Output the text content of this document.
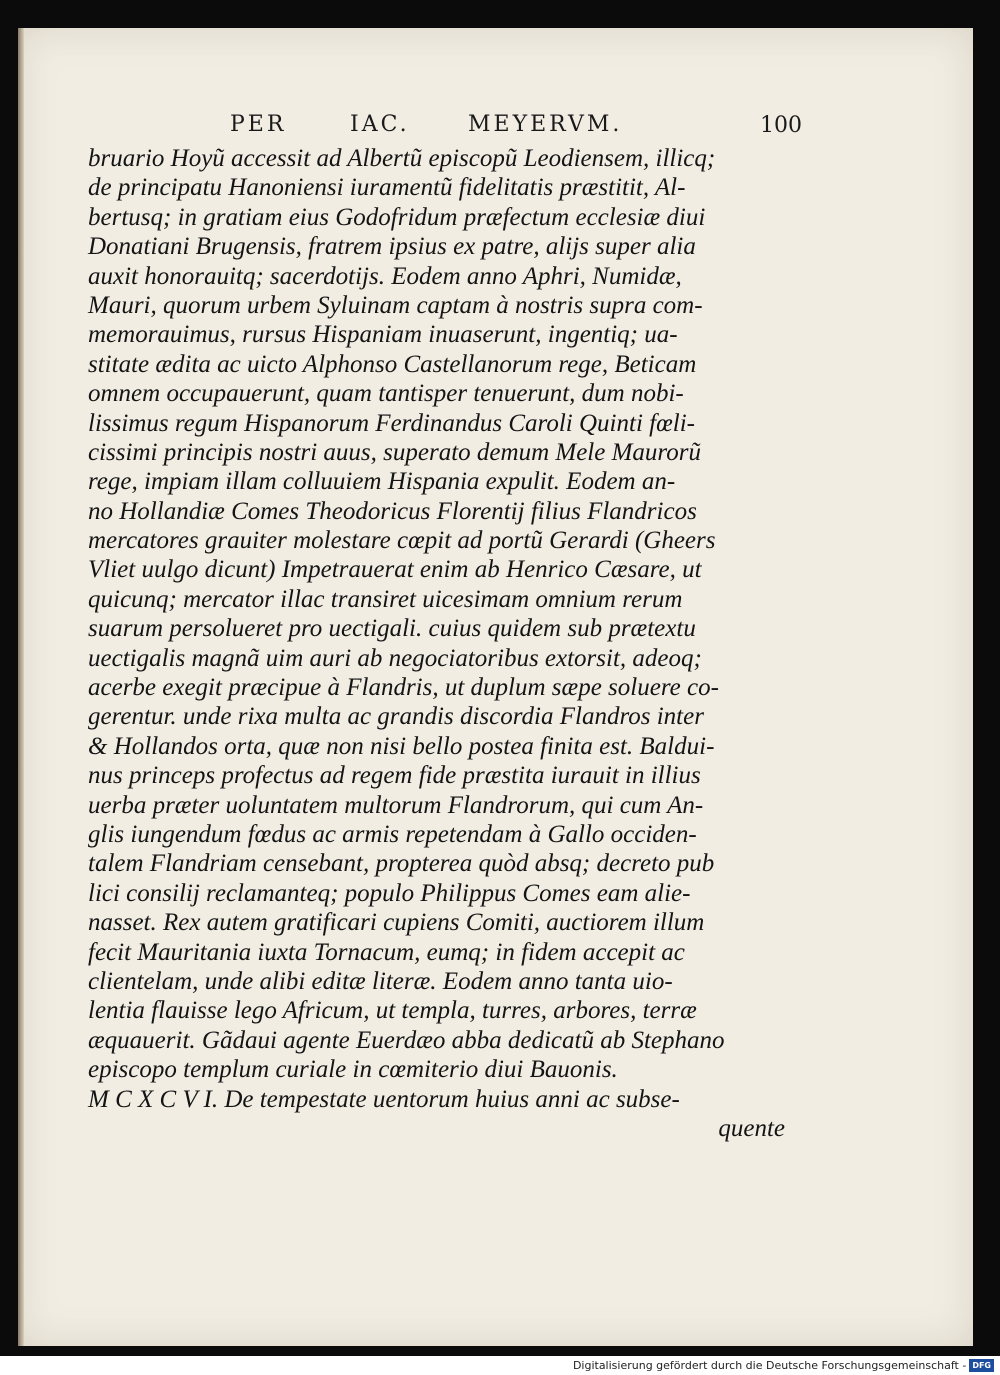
PER	IAC.	MEYERVM.	100
bruario Hoyũ accessit ad Albertũ episcopũ Leodiensem, illicq;
de principatu Hanoniensi iuramentũ fidelitatis præstitit, Al-
bertusq; in gratiam eius Godofridum præfectum ecclesiæ diui
Donatiani Brugensis, fratrem ipsius ex patre, alijs super alia
auxit honorauitq; sacerdotijs. Eodem anno Aphri, Numidæ,
Mauri, quorum urbem Syluinam captam à nostris supra com-
memorauimus, rursus Hispaniam inuaserunt, ingentiq; ua-
stitate ædita ac uicto Alphonso Castellanorum rege, Beticam
omnem occupauerunt, quam tantisper tenuerunt, dum nobi-
lissimus regum Hispanorum Ferdinandus Caroli Quinti fœli-
cissimi principis nostri auus, superato demum Mele Maurorũ
rege, impiam illam colluuiem Hispania expulit. Eodem an-
no Hollandiæ Comes Theodoricus Florentij filius Flandricos
mercatores grauiter molestare cœpit ad portũ Gerardi (Gheers
Vliet uulgo dicunt) Impetrauerat enim ab Henrico Cæsare, ut
quicunq; mercator illac transiret uicesimam omnium rerum
suarum persolueret pro uectigali. cuius quidem sub prætextu
uectigalis magnã uim auri ab negociatoribus extorsit, adeoq;
acerbe exegit præcipue à Flandris, ut duplum sæpe soluere co-
gerentur. unde rixa multa ac grandis discordia Flandros inter
& Hollandos orta, quæ non nisi bello postea finita est. Baldui-
nus princeps profectus ad regem fide præstita iurauit in illius
uerba præter uoluntatem multorum Flandrorum, qui cum An-
glis iungendum fœdus ac armis repetendam à Gallo occiden-
talem Flandriam censebant, propterea quòd absq; decreto pub
lici consilij reclamanteq; populo Philippus Comes eam alie-
nasset. Rex autem gratificari cupiens Comiti, auctiorem illum
fecit Mauritania iuxta Tornacum, eumq; in fidem accepit ac
clientelam, unde alibi editæ literæ. Eodem anno tanta uio-
lentia flauisse lego Africum, ut templa, turres, arbores, terræ
æquauerit. Gãdaui agente Euerdæo abba dedicatũ ab Stephano
episcopo templum curiale in cœmiterio diui Bauonis.
M C X C V I. De tempestate uentorum huius anni ac subse-
quente
Digitalisierung gefördert durch die Deutsche Forschungsgemeinschaft - DFG
